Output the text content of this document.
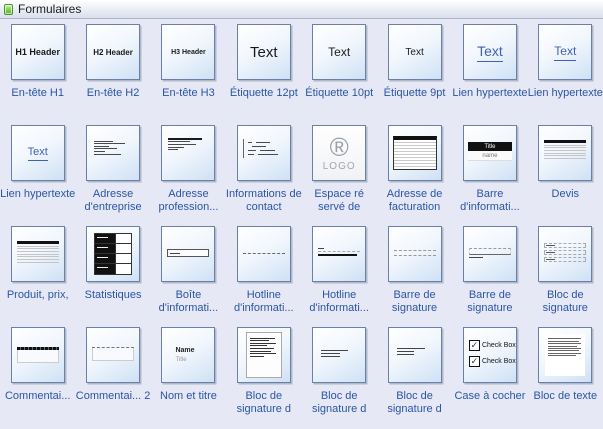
Formulaires
H1 Header
En-tête H1
H2 Header
En-tête H2
H3 Header
En-tête H3
Text
Étiquette 12pt
Text
Étiquette 10pt
Text
Étiquette 9pt
Text
Lien hypertexte
Text
Lien hypertexte
Text
Lien hypertexte	Adresse d'entreprise
Adresse profession...
Informations de contact
®
LOGO
Espace ré servé de
Adresse de facturation
Title
name
Barre d'informati...
Devis
Produit, prix,	Statistiques	Boîte d'informati...
Hotline d'informati...
Hotline d'informati...
Barre de signature
Barre de signature
Bloc de signature
Commentai... Commentai... 2
Name
Title
Nom et titre	Bloc de signature d
Bloc de signature d
Bloc de signature d
✓ Check Box
✓ Check Box
Case à cocher Bloc de texte
